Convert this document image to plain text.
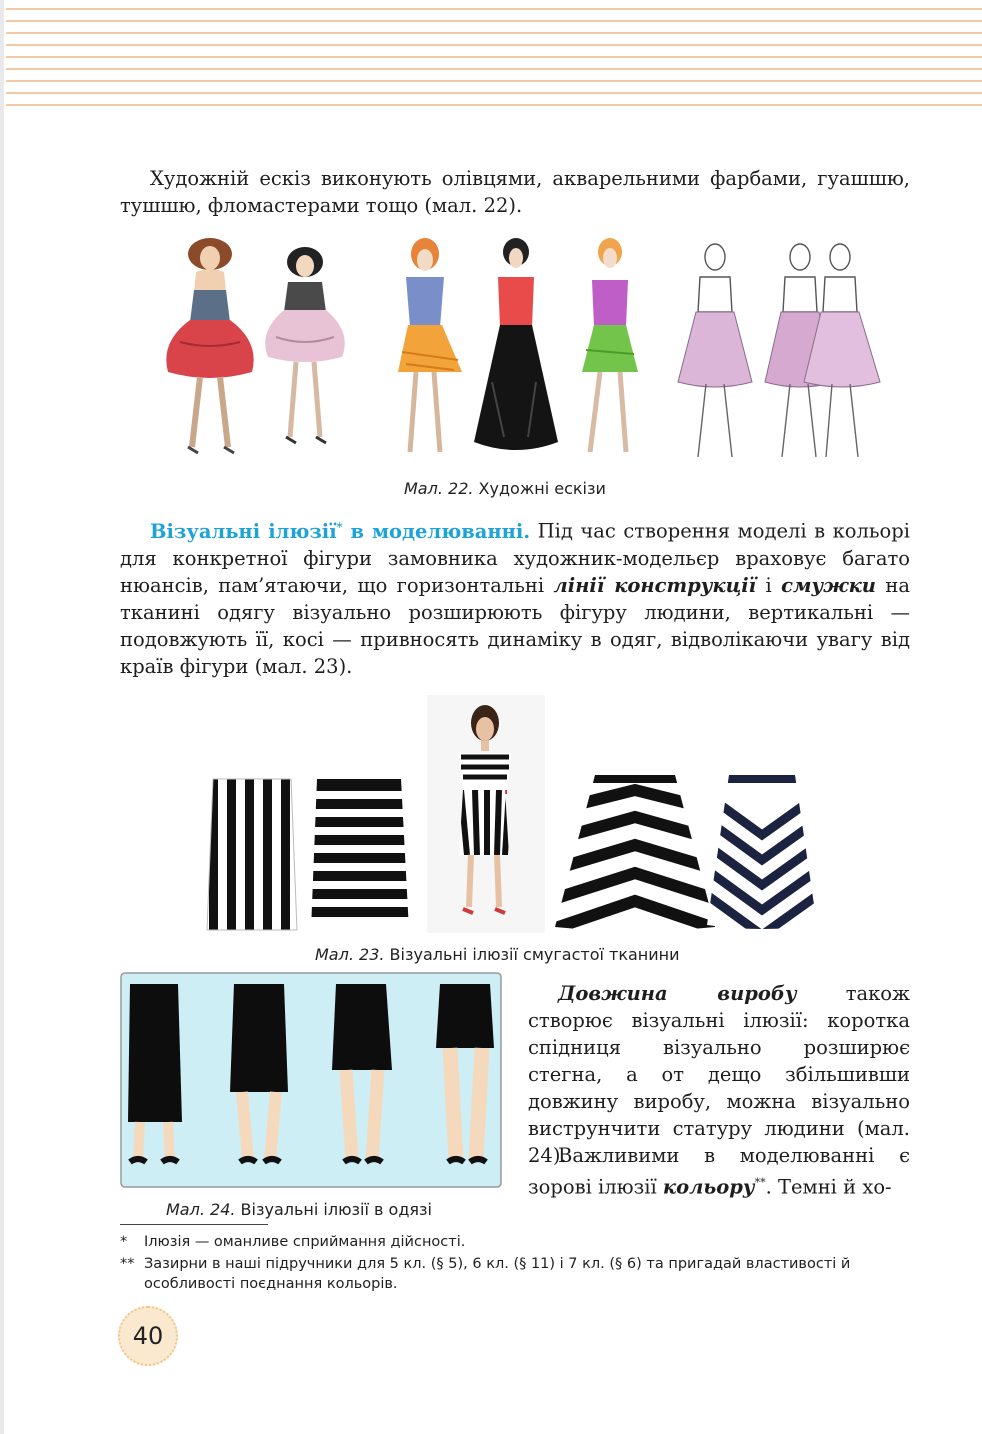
Художній ескіз виконують олівцями, акварельними фарбами, гуашшю, тушшю, фломастерами тощо (мал. 22).

Мал. 22. Художні ескізи

Візуальні ілюзії* в моделюванні. Під час створення моделі в кольорі для конкретної фігури замовника художник-модельєр враховує багато нюансів, пам’ятаючи, що горизонтальні лінії конструкції і смужки на тканині одягу візуально розширюють фігуру людини, вертикальні — подовжують її, косі — привносять динаміку в одяг, відволікаючи увагу від країв фігури (мал. 23).

Мал. 23. Візуальні ілюзії смугастої тканини
Мал. 24. Візуальні ілюзії в одязі

Довжина виробу також створює візуальні ілюзії: коротка спідниця візуально розширює стегна, а от дещо збільшивши довжину виробу, можна візуально виструнчити статуру людини (мал. 24).

Важливими в моделюванні є зорові ілюзії кольору**. Темні й хо-

* Ілюзія — оманливе сприймання дійсності.
** Зазирни в наші підручники для 5 кл. (§ 5), 6 кл. (§ 11) і 7 кл. (§ 6) та пригадай властивості й особливості поєднання кольорів.
40
